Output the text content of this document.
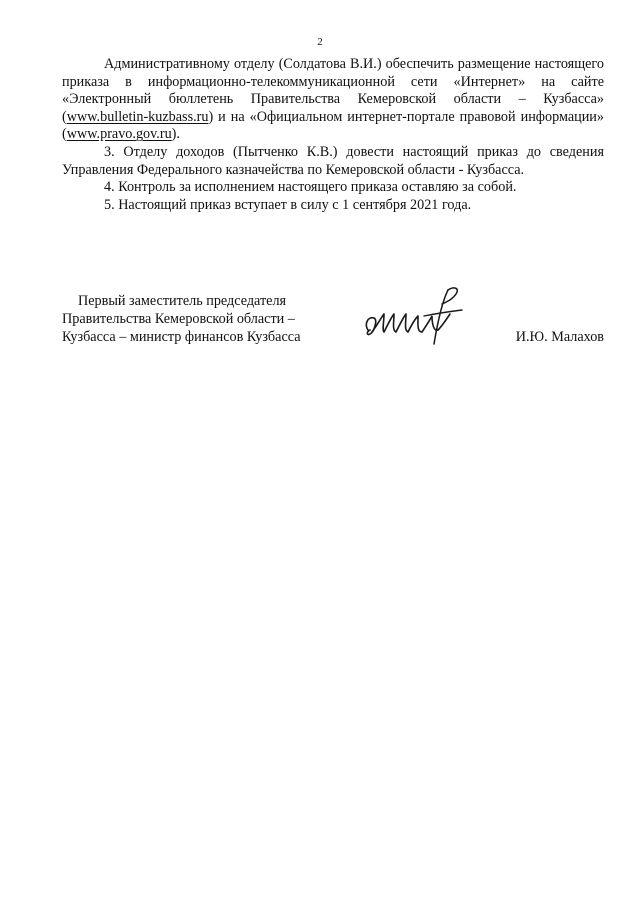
2

Административному отделу (Солдатова В.И.) обеспечить размещение настоящего приказа в информационно-телекоммуникационной сети «Интернет» на сайте «Электронный бюллетень Правительства Кемеровской области – Кузбасса» (www.bulletin-kuzbass.ru) и на «Официальном интернет-портале правовой информации» (www.pravo.gov.ru).

3. Отделу доходов (Пытченко К.В.) довести настоящий приказ до сведения Управления Федерального казначейства по Кемеровской области - Кузбасса.

4. Контроль за исполнением настоящего приказа оставляю за собой.

5. Настоящий приказ вступает в силу с 1 сентября 2021 года.

Первый заместитель председателя
Правительства Кемеровской области –
Кузбасса – министр финансов Кузбасса	И.Ю. Малахов
